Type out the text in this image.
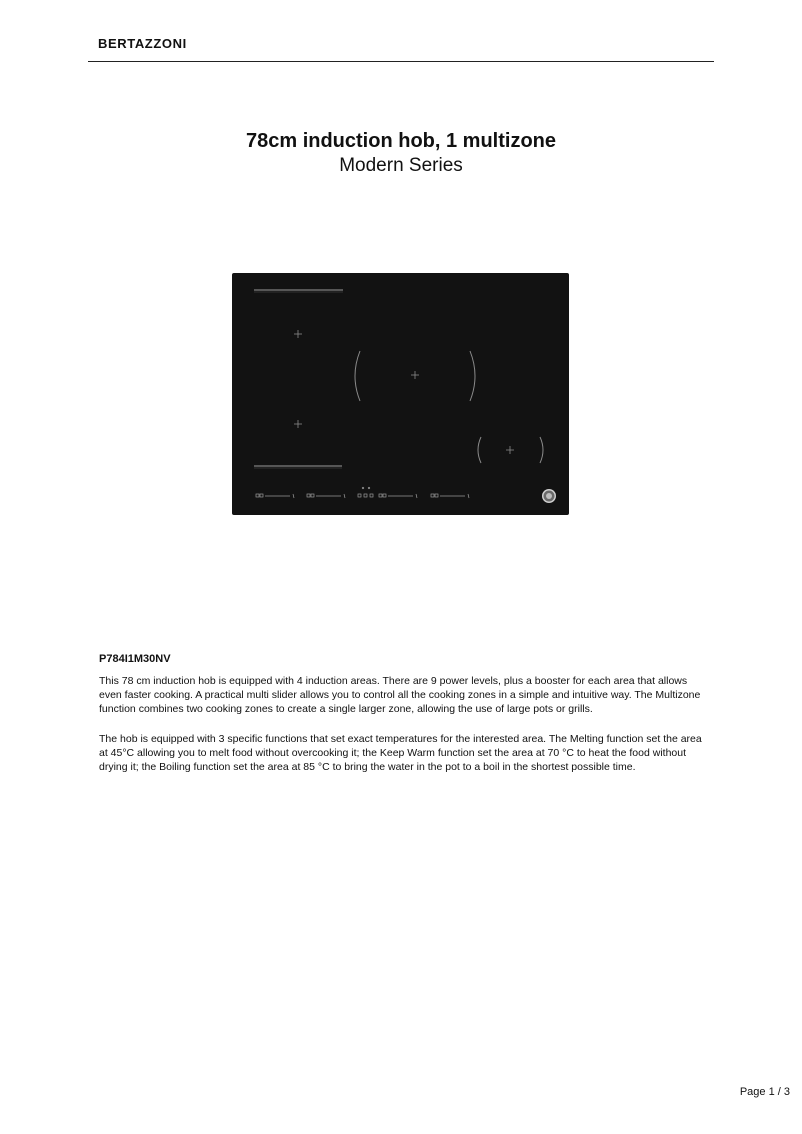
BERTAZZONI
78cm induction hob, 1 multizone
Modern Series
P784I1M30NV

This 78 cm induction hob is equipped with 4 induction areas. There are 9 power levels, plus a booster for each area that allows even faster cooking. A practical multi slider allows you to control all the cooking zones in a simple and intuitive way. The Multizone function combines two cooking zones to create a single larger zone, allowing the use of large pots or grills.

The hob is equipped with 3 specific functions that set exact temperatures for the interested area. The Melting function set the area at 45°C allowing you to melt food without overcooking it; the Keep Warm function set the area at 70 °C to heat the food without drying it; the Boiling function set the area at 85 °C to bring the water in the pot to a boil in the shortest possible time.

Page 1 / 3
